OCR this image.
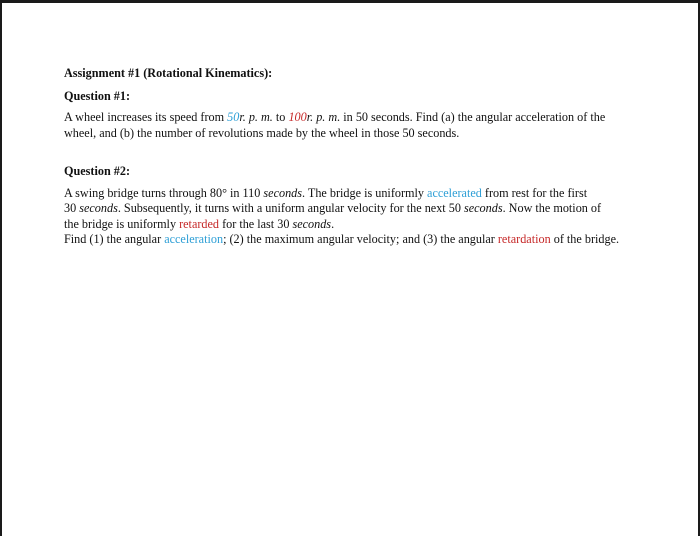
Assignment #1 (Rotational Kinematics):
Question #1:

A wheel increases its speed from 50r. p. m. to 100r. p. m. in 50 seconds. Find (a) the angular acceleration of the
wheel, and (b) the number of revolutions made by the wheel in those 50 seconds.

Question #2:

A swing bridge turns through 80° in 110 seconds. The bridge is uniformly accelerated from rest for the first
30 seconds. Subsequently, it turns with a uniform angular velocity for the next 50 seconds. Now the motion of
the bridge is uniformly retarded for the last 30 seconds.

Find (1) the angular acceleration; (2) the maximum angular velocity; and (3) the angular retardation of the bridge.
